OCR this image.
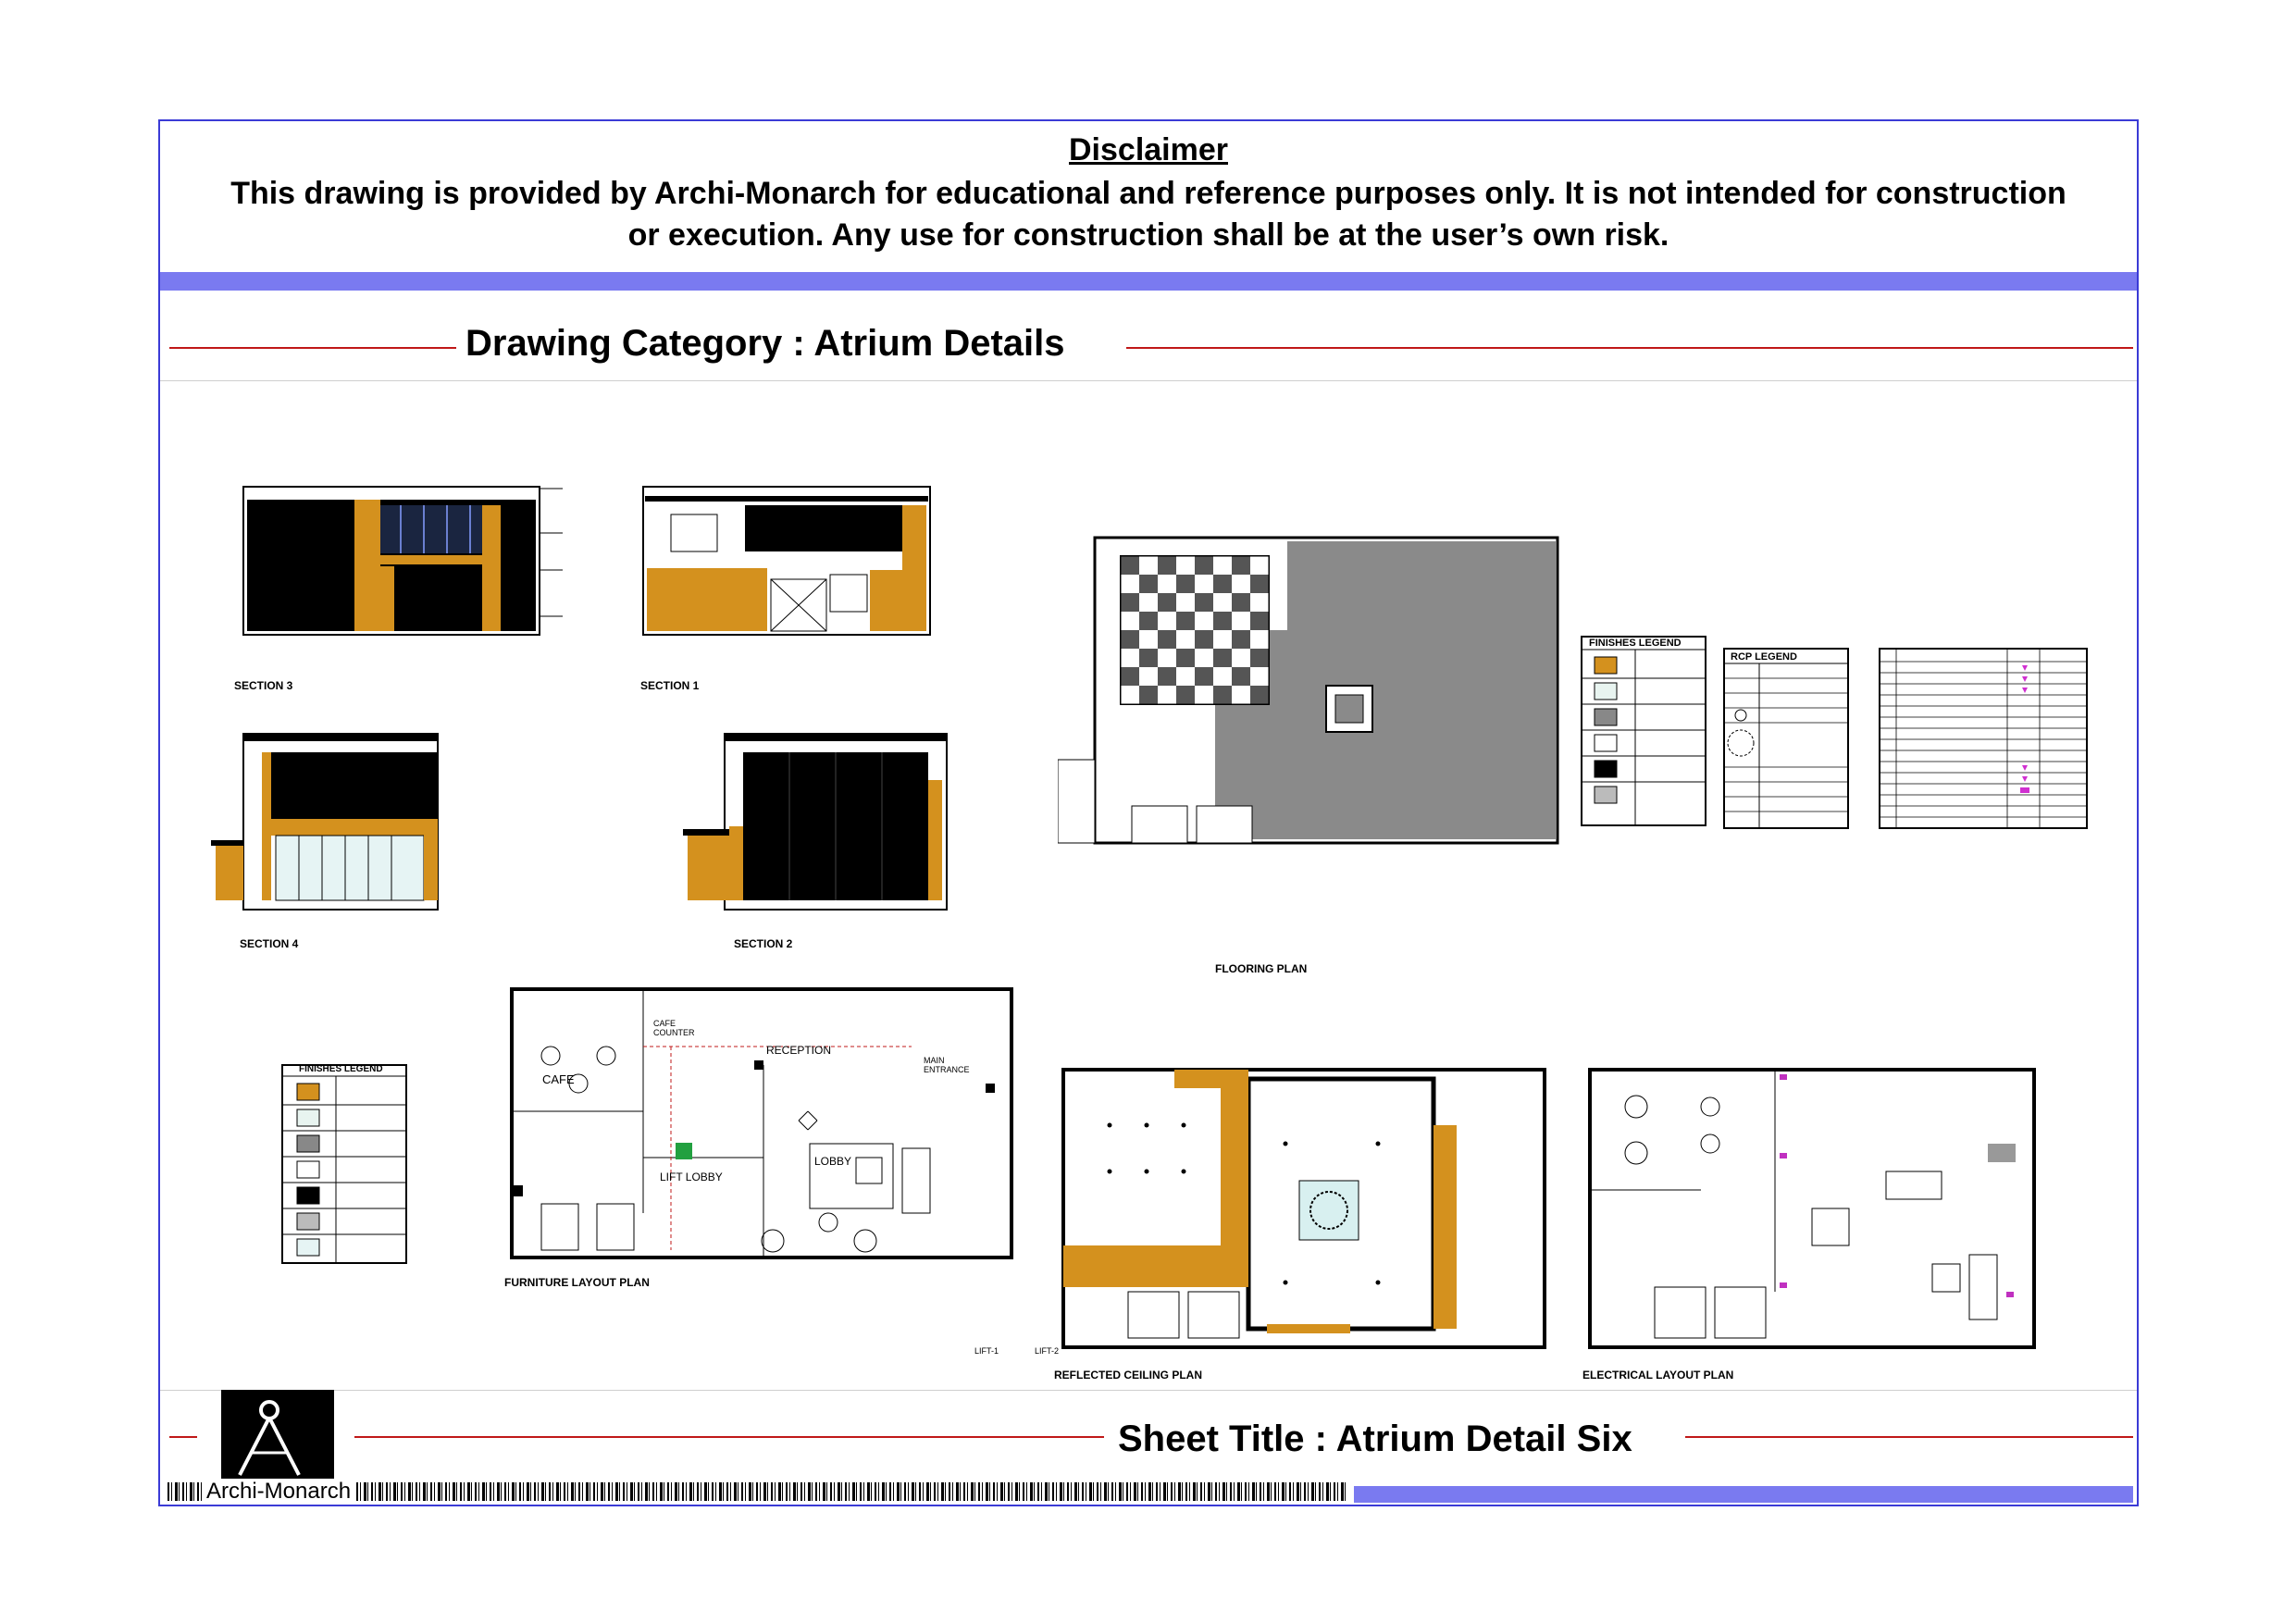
Disclaimer
This drawing is provided by Archi-Monarch for educational and reference purposes only. It is not intended for construction or execution. Any use for construction shall be at the user’s own risk.
Drawing Category : Atrium Details
SECTION 3	SECTION 1
SECTION 4	SECTION 2
FINISHES LEGEND
CAFE
CAFE COUNTER
RECEPTION
MAIN ENTRANCE
LOBBY
LIFT LOBBY
FURNITURE LAYOUT PLAN
FLOORING PLAN
FINISHES LEGEND
RCP LEGEND
REFLECTED CEILING PLAN	ELECTRICAL LAYOUT PLAN
LIFT-1	LIFT-2
Archi-Monarch
Sheet Title : Atrium Detail Six
